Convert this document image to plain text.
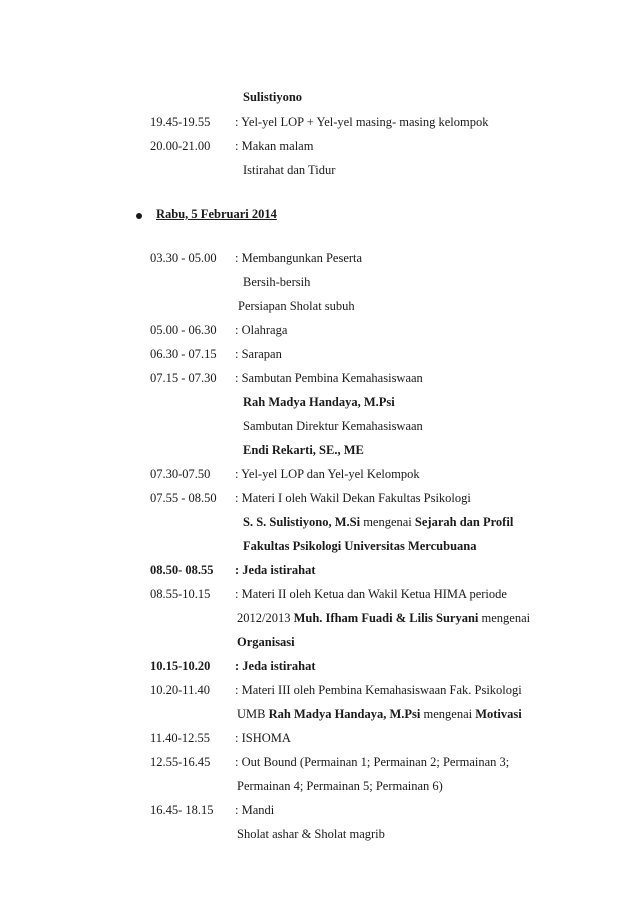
Sulistiyono
19.45-19.55 : Yel-yel LOP + Yel-yel masing- masing kelompok
20.00-21.00 : Makan malam
Istirahat dan Tidur
Rabu, 5 Februari 2014
03.30 - 05.00 : Membangunkan Peserta
Bersih-bersih
Persiapan Sholat subuh
05.00 - 06.30 : Olahraga
06.30 - 07.15 : Sarapan
07.15 - 07.30 : Sambutan Pembina Kemahasiswaan
Rah Madya Handaya, M.Psi
Sambutan Direktur Kemahasiswaan
Endi Rekarti, SE., ME
07.30-07.50 : Yel-yel LOP dan Yel-yel Kelompok
07.55 - 08.50 : Materi I oleh Wakil Dekan Fakultas Psikologi
S. S. Sulistiyono, M.Si mengenai Sejarah dan Profil
Fakultas Psikologi Universitas Mercubuana
08.50- 08.55 : Jeda istirahat
08.55-10.15 : Materi II oleh Ketua dan Wakil Ketua HIMA periode
2012/2013 Muh. Ifham Fuadi & Lilis Suryani mengenai
Organisasi
10.15-10.20 : Jeda istirahat
10.20-11.40 : Materi III oleh Pembina Kemahasiswaan Fak. Psikologi
UMB Rah Madya Handaya, M.Psi mengenai Motivasi
11.40-12.55 : ISHOMA
12.55-16.45 : Out Bound (Permainan 1; Permainan 2; Permainan 3;
Permainan 4; Permainan 5; Permainan 6)
16.45- 18.15 : Mandi
Sholat ashar & Sholat magrib
